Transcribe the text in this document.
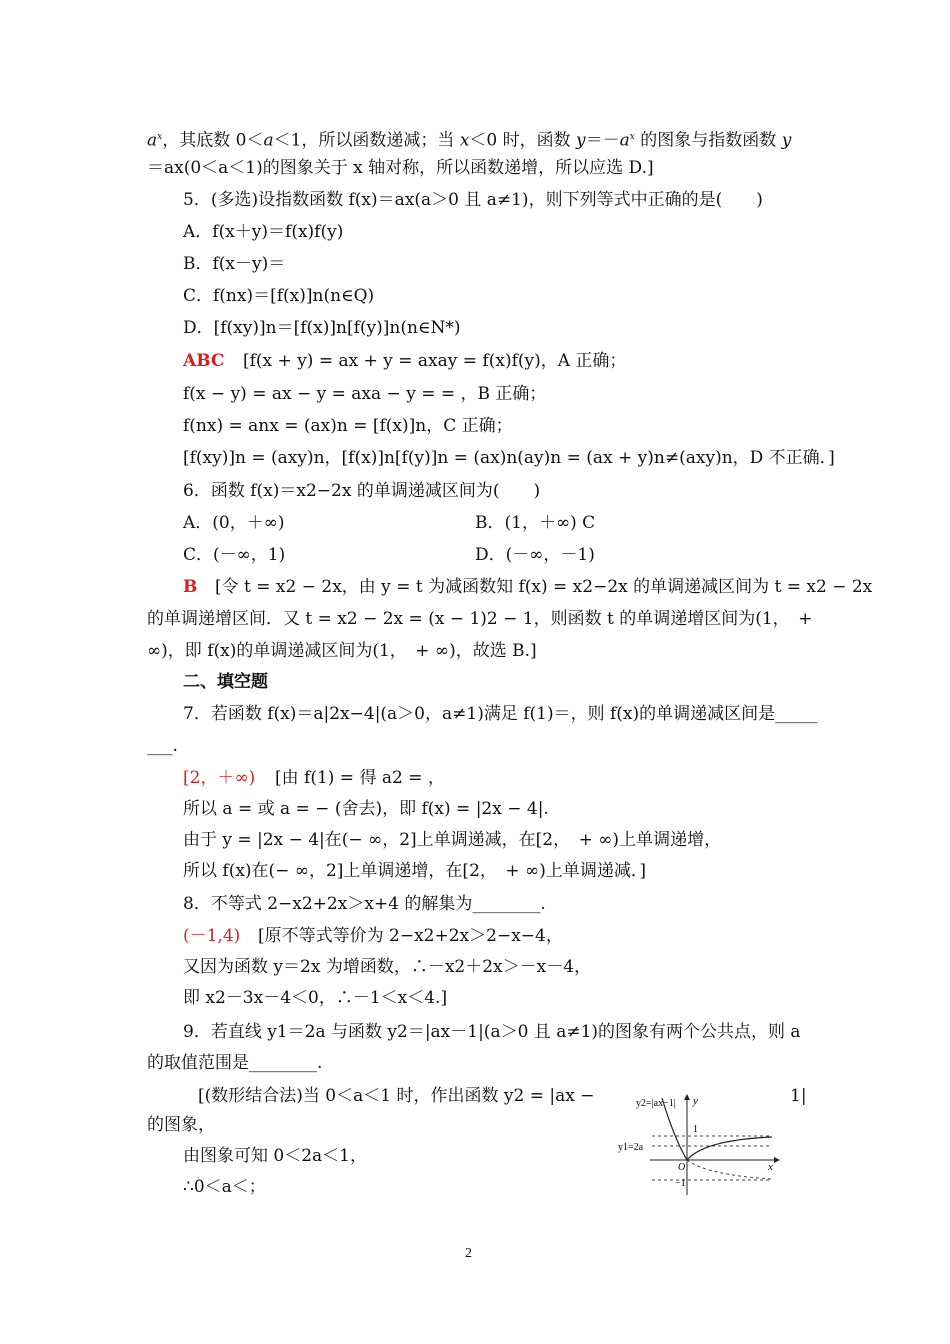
$a^x$，其底数 0＜a＜1，所以函数递减；当 x＜0 时，函数 $y=-a^x$ 的图象与指数函数 y
＝ax(0＜a＜1)的图象关于 x 轴对称，所以函数递增，所以应选 D.]
5．(多选)设指数函数 f(x)＝ax(a＞0 且 a≠1)，则下列等式中正确的是(　　)
A．f(x＋y)＝f(x)f(y)
B．f(x－y)＝
C．f(nx)＝[f(x)]n(n∈Q)
D．[f(xy)]n＝[f(x)]n[f(y)]n(n∈N*)
ABC [f(x + y) = ax + y = axay = f(x)f(y)，A 正确；
f(x − y) = ax − y = axa − y = = ，B 正确；
f(nx) = anx = (ax)n = [f(x)]n，C 正确；
[f(xy)]n = (axy)n，[f(x)]n[f(y)]n = (ax)n(ay)n = (ax + y)n≠(axy)n，D 不正确．]
6．函数 f(x)＝x2−2x 的单调递减区间为(　　)
A．(0，＋∞)	B．(1，＋∞) C
C．(－∞，1)	D．(－∞，－1)
B [令 t = x2 − 2x，由 y = t 为减函数知 f(x) = x2−2x 的单调递减区间为 t = x2 − 2x
的单调递增区间．又 t = x2 − 2x = (x − 1)2 − 1，则函数 t 的单调递增区间为(1，　+
∞)，即 f(x)的单调递减区间为(1，　+ ∞)，故选 B.]
二、填空题
7．若函数 f(x)＝a|2x−4|(a＞0，a≠1)满足 f(1)＝，则 f(x)的单调递减区间是_____
___.
[2，＋∞) [由 f(1) = 得 a2 = ，
所以 a = 或 a = − (舍去)，即 f(x) = |2x − 4|.
由于 y = |2x − 4|在(− ∞，2]上单调递减，在[2，　+ ∞)上单调递增，
所以 f(x)在(− ∞，2]上单调递增，在[2，　+ ∞)上单调递减．]
8．不等式 2−x2+2x＞x+4 的解集为________.
(－1,4) [原不等式等价为 2−x2+2x＞2−x−4，
又因为函数 y＝2x 为增函数，∴－x2＋2x＞－x－4，
即 x2－3x－4＜0，∴－1＜x＜4.]
9．若直线 y1＝2a 与函数 y2＝|ax－1|(a＞0 且 a≠1)的图象有两个公共点，则 a
的取值范围是________.
[(数形结合法)当 0＜a＜1 时，作出函数 y2 = |ax −	1|
的图象，
由图象可知 0＜2a＜1，
∴0＜a＜；
y2=|ax−1| y
1
y1=2a
O	x
−1
2
